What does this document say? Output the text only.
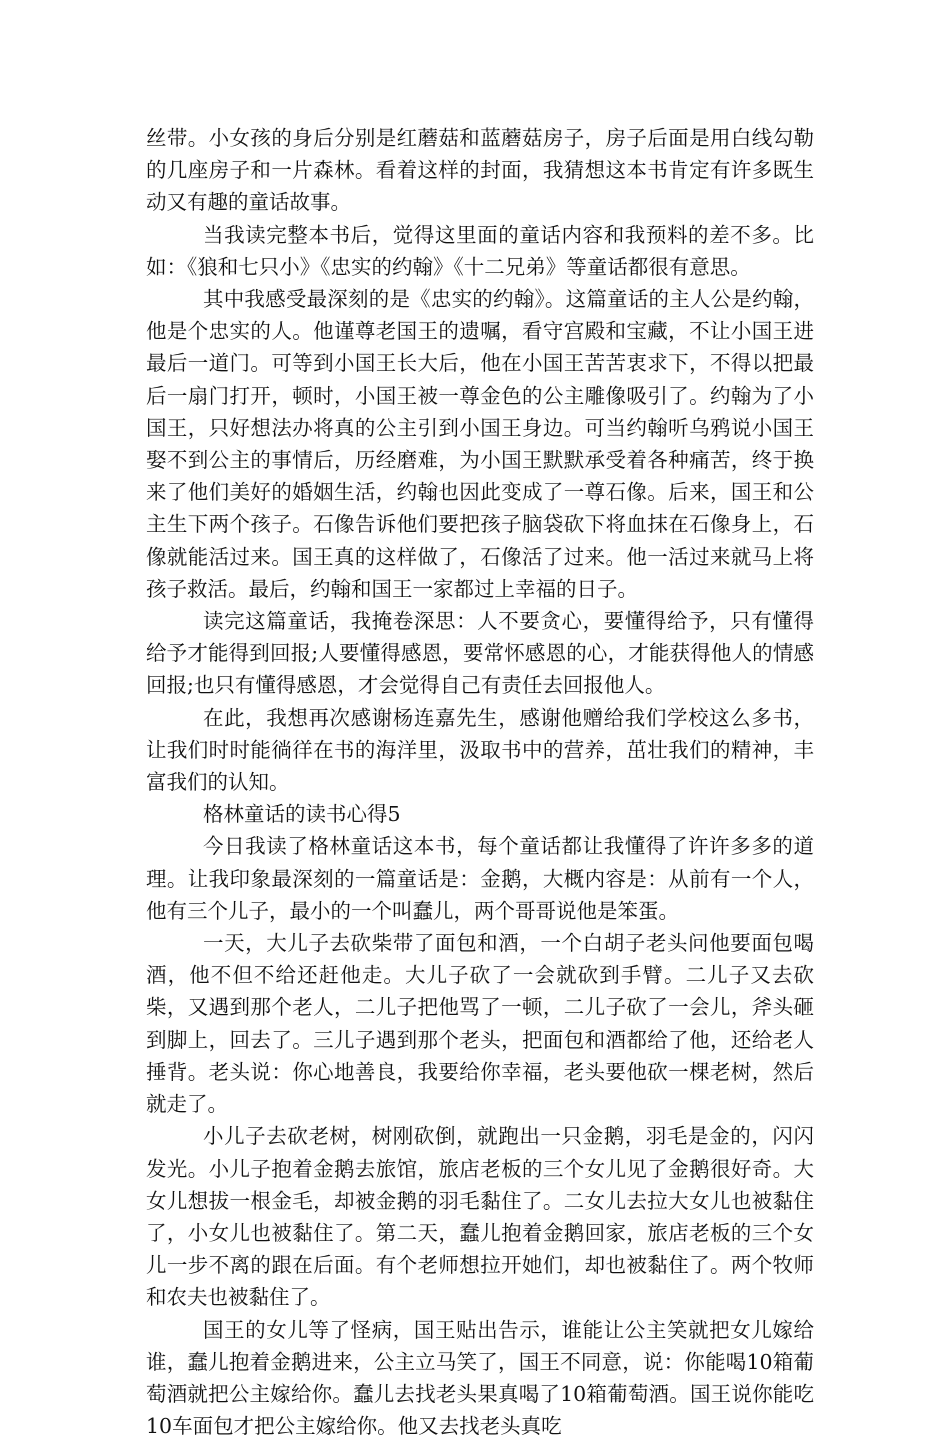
丝带。小女孩的身后分别是红蘑菇和蓝蘑菇房子，房子后面是用白线勾勒的几座房子和一片森林。看着这样的封面，我猜想这本书肯定有许多既生动又有趣的童话故事。

当我读完整本书后，觉得这里面的童话内容和我预料的差不多。比如：《狼和七只小》《忠实的约翰》《十二兄弟》等童话都很有意思。

其中我感受最深刻的是《忠实的约翰》。这篇童话的主人公是约翰，他是个忠实的人。他谨尊老国王的遗嘱，看守宫殿和宝藏，不让小国王进最后一道门。可等到小国王长大后，他在小国王苦苦衷求下，不得以把最后一扇门打开，顿时，小国王被一尊金色的公主雕像吸引了。约翰为了小国王，只好想法办将真的公主引到小国王身边。可当约翰听乌鸦说小国王娶不到公主的事情后，历经磨难，为小国王默默承受着各种痛苦，终于换来了他们美好的婚姻生活，约翰也因此变成了一尊石像。后来，国王和公主生下两个孩子。石像告诉他们要把孩子脑袋砍下将血抹在石像身上，石像就能活过来。国王真的这样做了，石像活了过来。他一活过来就马上将孩子救活。最后，约翰和国王一家都过上幸福的日子。

读完这篇童话，我掩卷深思：人不要贪心，要懂得给予，只有懂得给予才能得到回报;人要懂得感恩，要常怀感恩的心，才能获得他人的情感回报;也只有懂得感恩，才会觉得自己有责任去回报他人。

在此，我想再次感谢杨连嘉先生，感谢他赠给我们学校这么多书，让我们时时能徜徉在书的海洋里，汲取书中的营养，茁壮我们的精神，丰富我们的认知。

格林童话的读书心得5

今日我读了格林童话这本书，每个童话都让我懂得了许许多多的道理。让我印象最深刻的一篇童话是：金鹅，大概内容是：从前有一个人，他有三个儿子，最小的一个叫蠢儿，两个哥哥说他是笨蛋。

一天，大儿子去砍柴带了面包和酒，一个白胡子老头问他要面包喝酒，他不但不给还赶他走。大儿子砍了一会就砍到手臂。二儿子又去砍柴，又遇到那个老人，二儿子把他骂了一顿，二儿子砍了一会儿，斧头砸到脚上，回去了。三儿子遇到那个老头，把面包和酒都给了他，还给老人捶背。老头说：你心地善良，我要给你幸福，老头要他砍一棵老树，然后就走了。

小儿子去砍老树，树刚砍倒，就跑出一只金鹅，羽毛是金的，闪闪发光。小儿子抱着金鹅去旅馆，旅店老板的三个女儿见了金鹅很好奇。大女儿想拔一根金毛，却被金鹅的羽毛黏住了。二女儿去拉大女儿也被黏住了，小女儿也被黏住了。第二天，蠢儿抱着金鹅回家，旅店老板的三个女儿一步不离的跟在后面。有个老师想拉开她们，却也被黏住了。两个牧师和农夫也被黏住了。

国王的女儿等了怪病，国王贴出告示，谁能让公主笑就把女儿嫁给谁，蠢儿抱着金鹅进来，公主立马笑了，国王不同意，说：你能喝10箱葡萄酒就把公主嫁给你。蠢儿去找老头果真喝了10箱葡萄酒。国王说你能吃10车面包才把公主嫁给你。他又去找老头真吃
